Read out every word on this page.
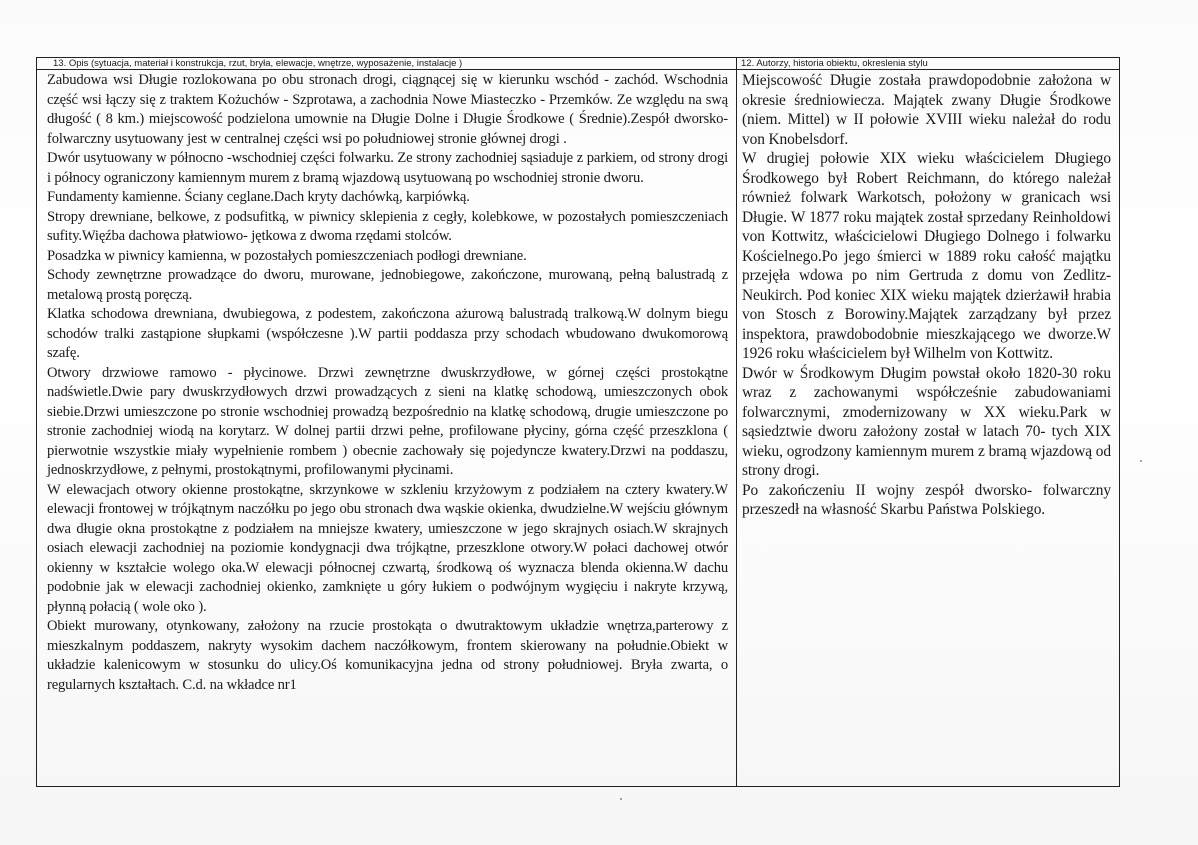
13. Opis (sytuacja, materiał i konstrukcja, rzut, bryła, elewacje, wnętrze, wyposażenie, instalacje )

Zabudowa wsi Długie rozlokowana po obu stronach drogi, ciągnącej się w kierunku wschód - zachód. Wschodnia część wsi łączy się z traktem Kożuchów - Szprotawa, a zachodnia Nowe Miasteczko - Przemków. Ze względu na swą długość ( 8 km.) miejscowość podzielona umownie na Długie Dolne i Długie Środkowe ( Średnie).Zespół dworsko- folwarczny usytuowany jest w centralnej części wsi po południowej stronie głównej drogi .

Dwór usytuowany w północno -wschodniej części folwarku. Ze strony zachodniej sąsiaduje z parkiem, od strony drogi i północy ograniczony kamiennym murem z bramą wjazdową usytuowaną po wschodniej stronie dworu.

Fundamenty kamienne. Ściany ceglane.Dach kryty dachówką, karpiówką.

Stropy drewniane, belkowe, z podsufitką, w piwnicy sklepienia z cegły, kolebkowe, w pozostałych pomieszczeniach sufity.Więźba dachowa płatwiowo- jętkowa z dwoma rzędami stolców.

Posadzka w piwnicy kamienna, w pozostałych pomieszczeniach podłogi drewniane.

Schody zewnętrzne prowadzące do dworu, murowane, jednobiegowe, zakończone, murowaną, pełną balustradą z metalową prostą poręczą.

Klatka schodowa drewniana, dwubiegowa, z podestem, zakończona ażurową balustradą tralkową.W dolnym biegu schodów tralki zastąpione słupkami (współczesne ).W partii poddasza przy schodach wbudowano dwukomorową szafę.

Otwory drzwiowe ramowo - płycinowe. Drzwi zewnętrzne dwuskrzydłowe, w górnej części prostokątne nadświetle.Dwie pary dwuskrzydłowych drzwi prowadzących z sieni na klatkę schodową, umieszczonych obok siebie.Drzwi umieszczone po stronie wschodniej prowadzą bezpośrednio na klatkę schodową, drugie umieszczone po stronie zachodniej wiodą na korytarz. W dolnej partii drzwi pełne, profilowane płyciny, górna część przeszklona ( pierwotnie wszystkie miały wypełnienie rombem ) obecnie zachowały się pojedyncze kwatery.Drzwi na poddaszu, jednoskrzydłowe, z pełnymi, prostokątnymi, profilowanymi płycinami.

W elewacjach otwory okienne prostokątne, skrzynkowe w szkleniu krzyżowym z podziałem na cztery kwatery.W elewacji frontowej w trójkątnym naczółku po jego obu stronach dwa wąskie okienka, dwudzielne.W wejściu głównym dwa długie okna prostokątne z podziałem na mniejsze kwatery, umieszczone w jego skrajnych osiach.W skrajnych osiach elewacji zachodniej na poziomie kondygnacji dwa trójkątne, przeszklone otwory.W połaci dachowej otwór okienny w kształcie wolego oka.W elewacji północnej czwartą, środkową oś wyznacza blenda okienna.W dachu podobnie jak w elewacji zachodniej okienko, zamknięte u góry łukiem o podwójnym wygięciu i nakryte krzywą, płynną połacią ( wole oko ).

Obiekt murowany, otynkowany, założony na rzucie prostokąta o dwutraktowym układzie wnętrza,parterowy z mieszkalnym poddaszem, nakryty wysokim dachem naczółkowym, frontem skierowany na południe.Obiekt w układzie kalenicowym w stosunku do ulicy.Oś komunikacyjna jedna od strony południowej. Bryła zwarta, o regularnych kształtach. C.d. na wkładce nr1

12. Autorzy, historia obiektu, okreslenia stylu

Miejscowość Długie została prawdopodobnie założona w okresie średniowiecza. Majątek zwany Długie Środkowe (niem. Mittel) w II połowie XVIII wieku należał do rodu von Knobelsdorf.

W drugiej połowie XIX wieku właścicielem Długiego Środkowego był Robert Reichmann, do którego należał również folwark Warkotsch, położony w granicach wsi Długie. W 1877 roku majątek został sprzedany Reinholdowi von Kottwitz, właścicielowi Długiego Dolnego i folwarku Kościelnego.Po jego śmierci w 1889 roku całość majątku przejęła wdowa po nim Gertruda z domu von Zedlitz- Neukirch. Pod koniec XIX wieku majątek dzierżawił hrabia von Stosch z Borowiny.Majątek zarządzany był przez inspektora, prawdobodobnie mieszkającego we dworze.W 1926 roku właścicielem był Wilhelm von Kottwitz.

Dwór w Środkowym Długim powstał około 1820-30 roku wraz z zachowanymi współcześnie zabudowaniami folwarcznymi, zmodernizowany w XX wieku.Park w sąsiedztwie dworu założony został w latach 70- tych XIX wieku, ogrodzony kamiennym murem z bramą wjazdową od strony drogi.

Po zakończeniu II wojny zespół dworsko- folwarczny przeszedł na własność Skarbu Państwa Polskiego.
